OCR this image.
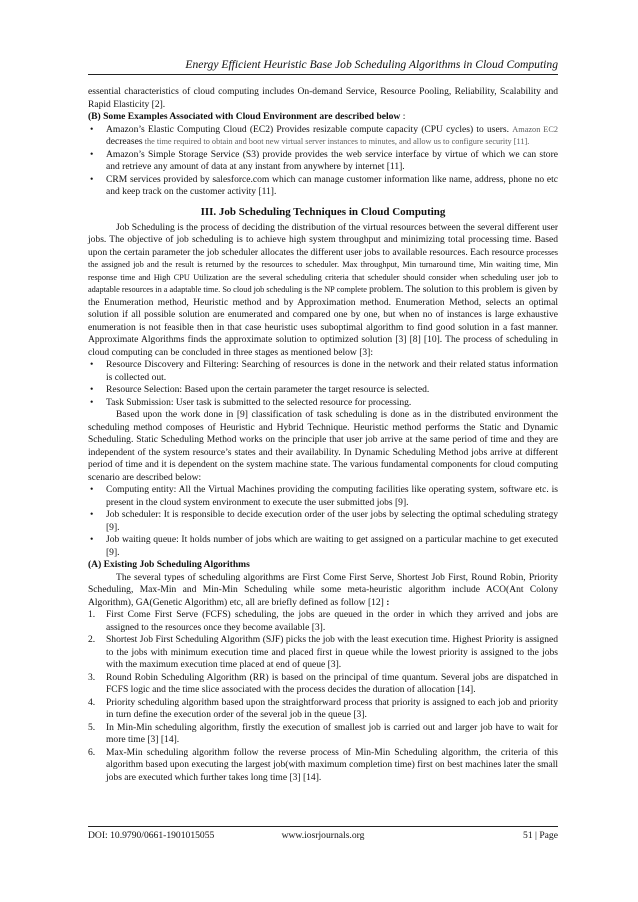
Energy Efficient Heuristic Base Job Scheduling Algorithms in Cloud Computing

essential characteristics of cloud computing includes On-demand Service, Resource Pooling, Reliability, Scalability and Rapid Elasticity [2].

(B) Some Examples Associated with Cloud Environment are described below :

• Amazon’s Elastic Computing Cloud (EC2) Provides resizable compute capacity (CPU cycles) to users. Amazon EC2 decreases the time required to obtain and boot new virtual server instances to minutes, and allow us to configure security [11].
• Amazon’s Simple Storage Service (S3) provide provides the web service interface by virtue of which we can store and retrieve any amount of data at any instant from anywhere by internet [11].
• CRM services provided by salesforce.com which can manage customer information like name, address, phone no etc and keep track on the customer activity [11].
III. Job Scheduling Techniques in Cloud Computing

Job Scheduling is the process of deciding the distribution of the virtual resources between the several different user jobs. The objective of job scheduling is to achieve high system throughput and minimizing total processing time. Based upon the certain parameter the job scheduler allocates the different user jobs to available resources. Each resource processes the assigned job and the result is returned by the resources to scheduler. Max throughput, Min turnaround time, Min waiting time, Min response time and High CPU Utilization are the several scheduling criteria that scheduler should consider when scheduling user job to adaptable resources in a adaptable time. So cloud job scheduling is the NP complete problem. The solution to this problem is given by the Enumeration method, Heuristic method and by Approximation method. Enumeration Method, selects an optimal solution if all possible solution are enumerated and compared one by one, but when no of instances is large exhaustive enumeration is not feasible then in that case heuristic uses suboptimal algorithm to find good solution in a fast manner. Approximate Algorithms finds the approximate solution to optimized solution [3] [8] [10]. The process of scheduling in cloud computing can be concluded in three stages as mentioned below [3]:

• Resource Discovery and Filtering: Searching of resources is done in the network and their related status information is collected out.
• Resource Selection: Based upon the certain parameter the target resource is selected.
• Task Submission: User task is submitted to the selected resource for processing.

Based upon the work done in [9] classification of task scheduling is done as in the distributed environment the scheduling method composes of Heuristic and Hybrid Technique. Heuristic method performs the Static and Dynamic Scheduling. Static Scheduling Method works on the principle that user job arrive at the same period of time and they are independent of the system resource’s states and their availability. In Dynamic Scheduling Method jobs arrive at different period of time and it is dependent on the system machine state. The various fundamental components for cloud computing scenario are described below:

• Computing entity: All the Virtual Machines providing the computing facilities like operating system, software etc. is present in the cloud system environment to execute the user submitted jobs [9].
• Job scheduler: It is responsible to decide execution order of the user jobs by selecting the optimal scheduling strategy [9].
• Job waiting queue: It holds number of jobs which are waiting to get assigned on a particular machine to get executed [9].

(A) Existing Job Scheduling Algorithms

The several types of scheduling algorithms are First Come First Serve, Shortest Job First, Round Robin, Priority Scheduling, Max-Min and Min-Min Scheduling while some meta-heuristic algorithm include ACO(Ant Colony Algorithm), GA(Genetic Algorithm) etc, all are briefly defined as follow [12] :

1. First Come First Serve (FCFS) scheduling, the jobs are queued in the order in which they arrived and jobs are assigned to the resources once they become available [3].
2. Shortest Job First Scheduling Algorithm (SJF) picks the job with the least execution time. Highest Priority is assigned to the jobs with minimum execution time and placed first in queue while the lowest priority is assigned to the jobs with the maximum execution time placed at end of queue [3].
3. Round Robin Scheduling Algorithm (RR) is based on the principal of time quantum. Several jobs are dispatched in FCFS logic and the time slice associated with the process decides the duration of allocation [14].
4. Priority scheduling algorithm based upon the straightforward process that priority is assigned to each job and priority in turn define the execution order of the several job in the queue [3].
5. In Min-Min scheduling algorithm, firstly the execution of smallest job is carried out and larger job have to wait for more time [3] [14].
6. Max-Min scheduling algorithm follow the reverse process of Min-Min Scheduling algorithm, the criteria of this algorithm based upon executing the largest job(with maximum completion time) first on best machines later the small jobs are executed which further takes long time [3] [14].
DOI: 10.9790/0661-1901015055	www.iosrjournals.org	51 | Page
